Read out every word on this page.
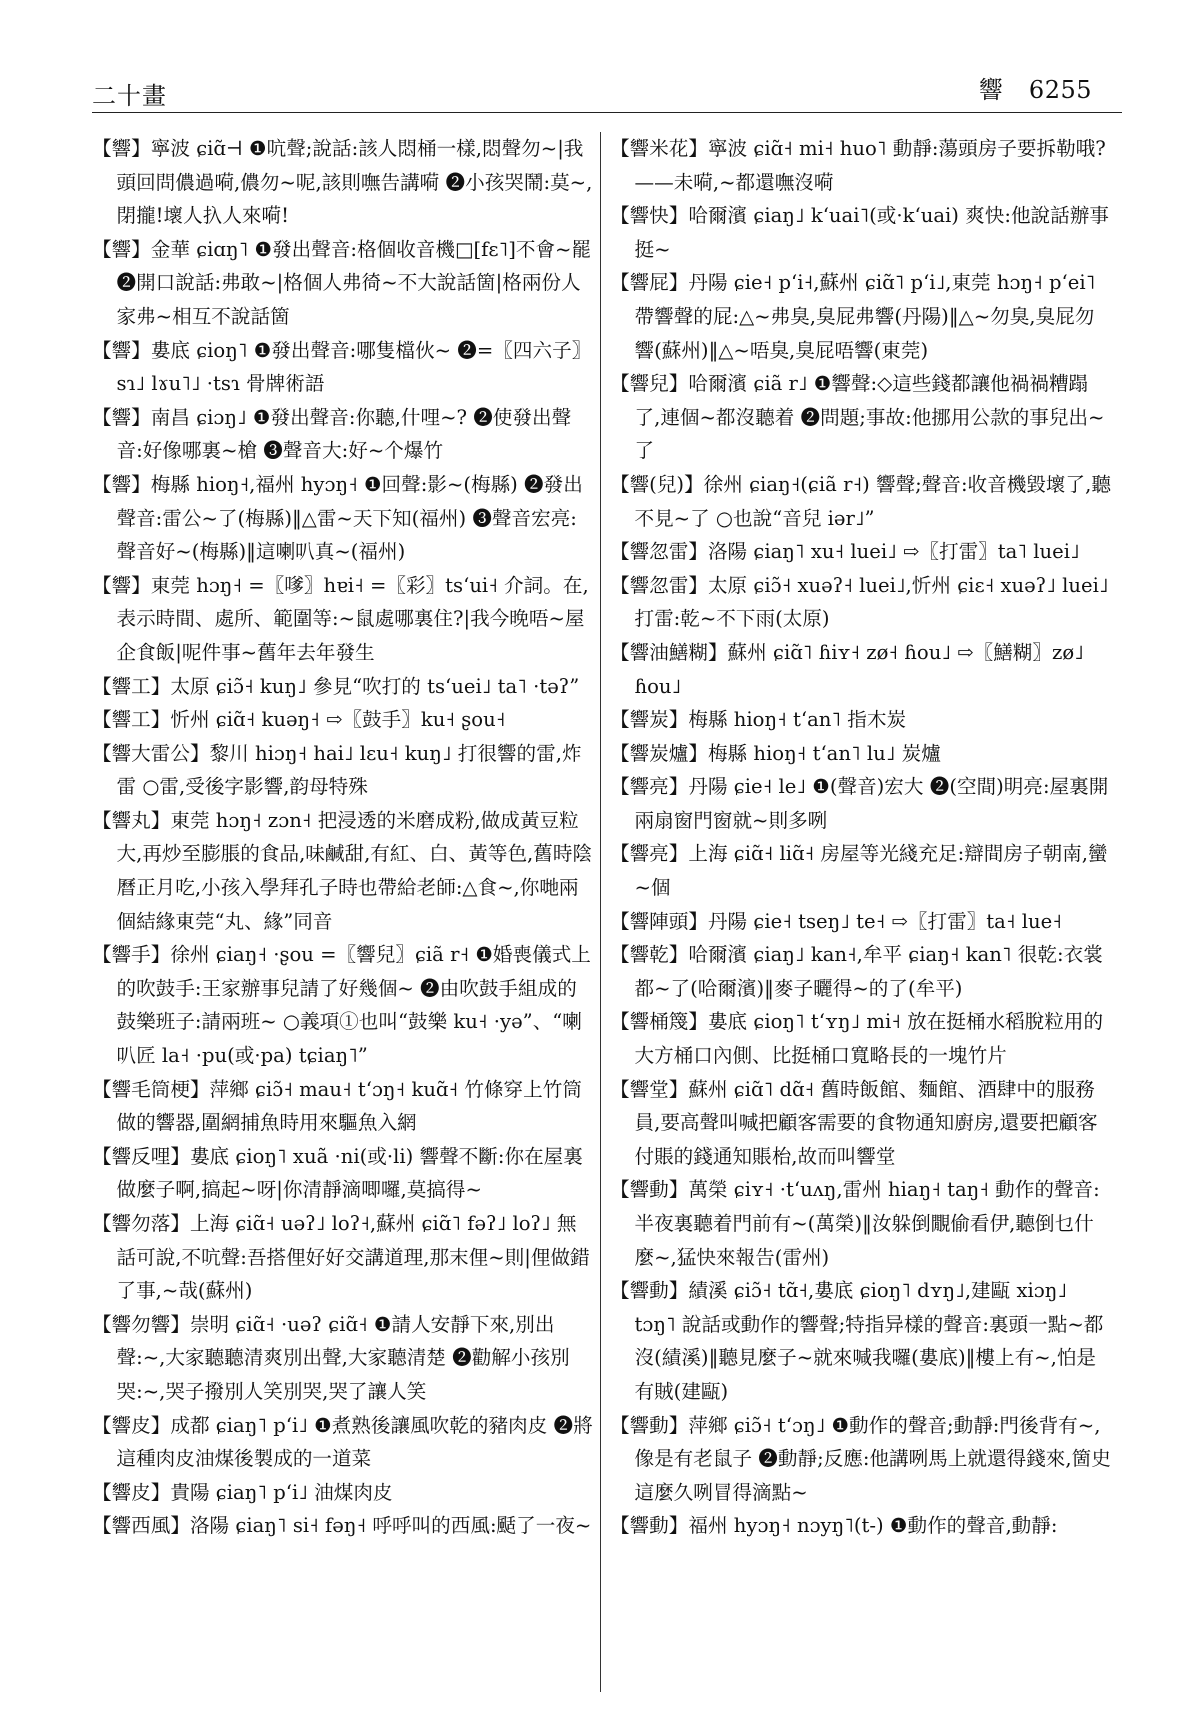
二十畫	響 6255

【響】寧波 ɕiɑ̃⊣ ❶吭聲;說話:該人悶桶一樣,悶聲勿~|我頭回問儂過嗬,儂勿~呢,該則嘸告講嗬 ❷小孩哭鬧:莫~,閉攏!壞人扖人來嗬!

【響】金華 ɕiɑŋ˥ ❶發出聲音:格個收音機□[fɛ˥]不會~罷 ❷開口說話:弗敢~|格個人弗徛~不大說話箇|格兩份人家弗~相互不說話箇

【響】婁底 ɕioŋ˥ ❶發出聲音:哪隻檔伙~ ❷=〖四六子〗sɿ˩ lɤu˥˩ ·tsɿ 骨牌術語

【響】南昌 ɕiɔŋ˩ ❶發出聲音:你聽,什哩~? ❷使發出聲音:好像哪裏~槍 ❸聲音大:好~个爆竹

【響】梅縣 hioŋ˧,福州 hyɔŋ˧ ❶回聲:影~(梅縣) ❷發出聲音:雷公~了(梅縣)‖△雷~天下知(福州) ❸聲音宏亮:聲音好~(梅縣)‖這喇叭真~(福州)

【響】東莞 hɔŋ˧ =〖嗲〗hɐi˧ =〖彩〗tsʻui˧ 介詞。在,表示時間、處所、範圍等:~鼠處哪裏住?|我今晚唔~屋企食飯|呢件事~舊年去年發生

【響工】太原 ɕiɔ̃˧ kuŋ˩ 參見“吹打的 tsʻuei˩ ta˥ ·təʔ”

【響工】忻州 ɕiɑ̃˧ kuəŋ˧ ⇨〖鼓手〗ku˧ ʂou˧

【響大雷公】黎川 hiɔŋ˧ hai˩ lɛu˧ kuŋ˩ 打很響的雷,炸雷 ○雷,受後字影響,韵母特殊

【響丸】東莞 hɔŋ˧ zɔn˧ 把浸透的米磨成粉,做成黃豆粒大,再炒至膨脹的食品,味鹹甜,有紅、白、黃等色,舊時陰曆正月吃,小孩入學拜孔子時也帶給老師:△食~,你哋兩個結緣東莞“丸、緣”同音

【響手】徐州 ɕiaŋ˧ ·ʂou =〖響兒〗ɕiã r˧ ❶婚喪儀式上的吹鼓手:王家辦事兒請了好幾個~ ❷由吹鼓手組成的鼓樂班子:請兩班~ ○義項①也叫“鼓樂 ku˧ ·yə”、“喇叭匠 la˧ ·pu(或·pa) tɕiaŋ˥”

【響毛筒梗】萍鄉 ɕiɔ̃˧ mau˧ tʻɔŋ˧ kuɑ̃˧ 竹條穿上竹筒做的響器,圍網捕魚時用來驅魚入網

【響反哩】婁底 ɕioŋ˥ xuã ·ni(或·li) 響聲不斷:你在屋裏做麼子啊,搞起~呀|你清靜滴唧囉,莫搞得~

【響勿落】上海 ɕiɑ̃˧ uəʔ˩ loʔ˧,蘇州 ɕiɑ̃˥ fəʔ˩ loʔ˩ 無話可說,不吭聲:吾搭俚好好交講道理,那末俚~則|俚做錯了事,~哉(蘇州)

【響勿響】崇明 ɕiɑ̃˧ ·uəʔ ɕiɑ̃˧ ❶請人安靜下來,別出聲:~,大家聽聽清爽別出聲,大家聽清楚 ❷勸解小孩別哭:~,哭子撥別人笑別哭,哭了讓人笑

【響皮】成都 ɕiaŋ˥ pʻi˩ ❶煮熟後讓風吹乾的豬肉皮 ❷將這種肉皮油煤後製成的一道菜

【響皮】貴陽 ɕiaŋ˥ pʻi˩ 油煤肉皮

【響西風】洛陽 ɕiaŋ˥ si˧ fəŋ˧ 呼呼叫的西風:颳了一夜~

【響米花】寧波 ɕiɑ̃˧ mi˧ huo˥ 動靜:蕩頭房子要拆勒哦?——未嗬,~都還嘸沒嗬

【響快】哈爾濱 ɕiaŋ˩ kʻuai˥(或·kʻuai) 爽快:他說話辦事挺~

【響屁】丹陽 ɕie˧ pʻi˧,蘇州 ɕiɑ̃˥ pʻi˩,東莞 hɔŋ˧ pʻei˥ 帶響聲的屁:△~弗臭,臭屁弗響(丹陽)‖△~勿臭,臭屁勿響(蘇州)‖△~唔臭,臭屁唔響(東莞)

【響兒】哈爾濱 ɕiã r˩ ❶響聲:◇這些錢都讓他禍禍糟蹋了,連個~都沒聽着 ❷問題;事故:他挪用公款的事兒出~了

【響(兒)】徐州 ɕiaŋ˧(ɕiã r˧) 響聲;聲音:收音機毀壞了,聽不見~了 ○也說“音兒 iər˩”

【響忽雷】洛陽 ɕiaŋ˥ xu˧ luei˩ ⇨〖打雷〗ta˥ luei˩

【響忽雷】太原 ɕiɔ̃˧ xuəʔ˧ luei˩,忻州 ɕiɛ˧ xuəʔ˩ luei˩ 打雷:乾~不下雨(太原)

【響油鱔糊】蘇州 ɕiɑ̃˥ ɦiʏ˧ zø˧ ɦou˩ ⇨〖鱔糊〗zø˩ ɦou˩

【響炭】梅縣 hioŋ˧ tʻan˥ 指木炭

【響炭爐】梅縣 hioŋ˧ tʻan˥ lu˩ 炭爐

【響亮】丹陽 ɕie˧ le˩ ❶(聲音)宏大 ❷(空間)明亮:屋裏開兩扇窗門窗就~則多咧

【響亮】上海 ɕiɑ̃˧ liɑ̃˧ 房屋等光綫充足:辯間房子朝南,蠻~個

【響陣頭】丹陽 ɕie˧ tseŋ˩ te˧ ⇨〖打雷〗ta˧ lue˧

【響乾】哈爾濱 ɕiaŋ˩ kan˧,牟平 ɕiaŋ˧ kan˥ 很乾:衣裳都~了(哈爾濱)‖麥子曬得~的了(牟平)

【響桶篾】婁底 ɕioŋ˥ tʻʏŋ˩ mi˧ 放在挺桶水稻脫粒用的大方桶口內側、比挺桶口寬略長的一塊竹片

【響堂】蘇州 ɕiɑ̃˥ dɑ̃˧ 舊時飯館、麵館、酒肆中的服務員,要高聲叫喊把顧客需要的食物通知廚房,還要把顧客付賬的錢通知賬枱,故而叫響堂

【響動】萬榮 ɕiʏ˧ ·tʻuʌŋ,雷州 hiaŋ˧ taŋ˧ 動作的聲音:半夜裏聽着門前有~(萬榮)‖汝躲倒覵偷看伊,聽倒乜什麼~,猛快來報告(雷州)

【響動】績溪 ɕiɔ̃˧ tɑ̃˧,婁底 ɕioŋ˥ dʏŋ˩,建甌 xiɔŋ˩ tɔŋ˥ 說話或動作的響聲;特指异樣的聲音:裏頭一點~都沒(績溪)‖聽見麼子~就來喊我囉(婁底)‖樓上有~,怕是有賊(建甌)

【響動】萍鄉 ɕiɔ̃˧ tʻɔŋ˩ ❶動作的聲音;動靜:門後背有~,像是有老鼠子 ❷動靜;反應:他講咧馬上就還得錢來,箇史這麼久咧冒得滴點~

【響動】福州 hyɔŋ˧ nɔyŋ˥(t-) ❶動作的聲音,動靜:
